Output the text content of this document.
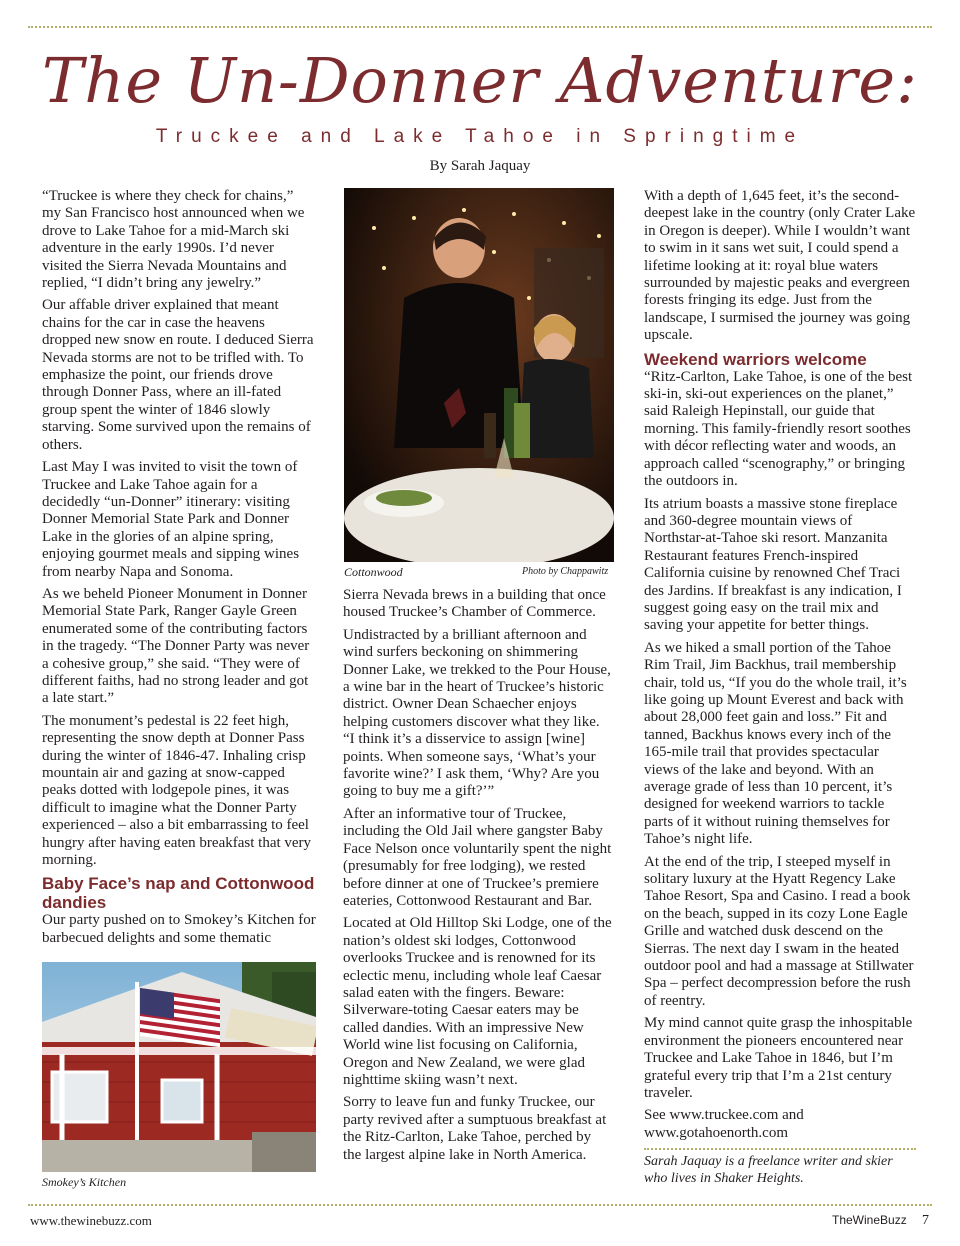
The Un-Donner Adventure:
Truckee and Lake Tahoe in Springtime
By Sarah Jaquay

“Truckee is where they check for chains,” my San Francisco host announced when we drove to Lake Tahoe for a mid-March ski adventure in the early 1990s. I’d never visited the Sierra Nevada Mountains and replied, “I didn’t bring any jewelry.”

Our affable driver explained that meant chains for the car in case the heavens dropped new snow en route. I deduced Sierra Nevada storms are not to be trifled with. To emphasize the point, our friends drove through Donner Pass, where an ill-fated group spent the winter of 1846 slowly starving. Some survived upon the remains of others.

Last May I was invited to visit the town of Truckee and Lake Tahoe again for a decidedly “un-Donner” itinerary: visiting Donner Memorial State Park and Donner Lake in the glories of an alpine spring, enjoying gourmet meals and sipping wines from nearby Napa and Sonoma.

As we beheld Pioneer Monument in Donner Memorial State Park, Ranger Gayle Green enumerated some of the contributing factors in the tragedy. “The Donner Party was never a cohesive group,” she said. “They were of different faiths, had no strong leader and got a late start.”

The monument’s pedestal is 22 feet high, representing the snow depth at Donner Pass during the winter of 1846-47. Inhaling crisp mountain air and gazing at snow-capped peaks dotted with lodgepole pines, it was difficult to imagine what the Donner Party experienced – also a bit embarrassing to feel hungry after having eaten breakfast that very morning.

Baby Face’s nap and Cottonwood dandies

Our party pushed on to Smokey’s Kitchen for barbecued delights and some thematic

Smokey’s Kitchen
Cottonwood	Photo by Chappawitz

Sierra Nevada brews in a building that once housed Truckee’s Chamber of Commerce.

Undistracted by a brilliant afternoon and wind surfers beckoning on shimmering Donner Lake, we trekked to the Pour House, a wine bar in the heart of Truckee’s historic district. Owner Dean Schaecher enjoys helping customers discover what they like. “I think it’s a disservice to assign [wine] points. When someone says, ‘What’s your favorite wine?’ I ask them, ‘Why? Are you going to buy me a gift?’”

After an informative tour of Truckee, including the Old Jail where gangster Baby Face Nelson once voluntarily spent the night (presumably for free lodging), we rested before dinner at one of Truckee’s premiere eateries, Cottonwood Restaurant and Bar.

Located at Old Hilltop Ski Lodge, one of the nation’s oldest ski lodges, Cottonwood overlooks Truckee and is renowned for its eclectic menu, including whole leaf Caesar salad eaten with the fingers. Beware: Silverware-toting Caesar eaters may be called dandies. With an impressive New World wine list focusing on California, Oregon and New Zealand, we were glad nighttime skiing wasn’t next.

Sorry to leave fun and funky Truckee, our party revived after a sumptuous breakfast at the Ritz-Carlton, Lake Tahoe, perched by the largest alpine lake in North America.

With a depth of 1,645 feet, it’s the second-deepest lake in the country (only Crater Lake in Oregon is deeper). While I wouldn’t want to swim in it sans wet suit, I could spend a lifetime looking at it: royal blue waters surrounded by majestic peaks and evergreen forests fringing its edge. Just from the landscape, I surmised the journey was going upscale.

Weekend warriors welcome

“Ritz-Carlton, Lake Tahoe, is one of the best ski-in, ski-out experiences on the planet,” said Raleigh Hepinstall, our guide that morning. This family-friendly resort soothes with décor reflecting water and woods, an approach called “scenography,” or bringing the outdoors in.

Its atrium boasts a massive stone fireplace and 360-degree mountain views of Northstar-at-Tahoe ski resort. Manzanita Restaurant features French-inspired California cuisine by renowned Chef Traci des Jardins. If breakfast is any indication, I suggest going easy on the trail mix and saving your appetite for better things.

As we hiked a small portion of the Tahoe Rim Trail, Jim Backhus, trail membership chair, told us, “If you do the whole trail, it’s like going up Mount Everest and back with about 28,000 feet gain and loss.” Fit and tanned, Backhus knows every inch of the 165-mile trail that provides spectacular views of the lake and beyond. With an average grade of less than 10 percent, it’s designed for weekend warriors to tackle parts of it without ruining themselves for Tahoe’s night life.

At the end of the trip, I steeped myself in solitary luxury at the Hyatt Regency Lake Tahoe Resort, Spa and Casino. I read a book on the beach, supped in its cozy Lone Eagle Grille and watched dusk descend on the Sierras. The next day I swam in the heated outdoor pool and had a massage at Stillwater Spa – perfect decompression before the rush of reentry.

My mind cannot quite grasp the inhospitable environment the pioneers encountered near Truckee and Lake Tahoe in 1846, but I’m grateful every trip that I’m a 21st century traveler.

See www.truckee.com and www.gotahoenorth.com

Sarah Jaquay is a freelance writer and skier who lives in Shaker Heights.
www.thewinebuzz.com	TheWineBuzz 7
